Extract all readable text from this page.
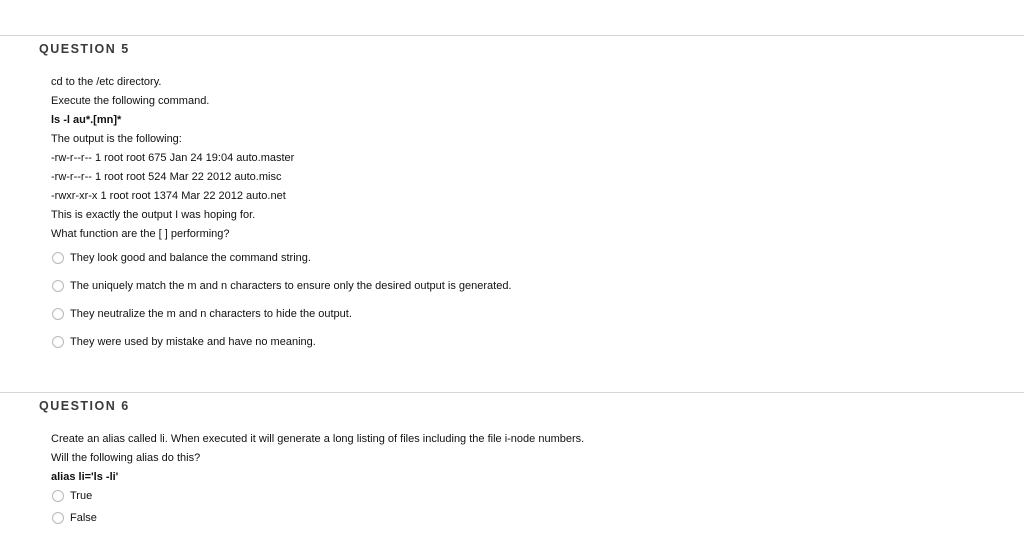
QUESTION 5
cd to the /etc directory.
Execute the following command.
ls -l au*.[mn]*
The output is the following:
-rw-r--r-- 1 root root 675 Jan 24 19:04 auto.master
-rw-r--r-- 1 root root 524 Mar 22 2012 auto.misc
-rwxr-xr-x 1 root root 1374 Mar 22 2012 auto.net
This is exactly the output I was hoping for.
What function are the [ ] performing?
They look good and balance the command string.
The uniquely match the m and n characters to ensure only the desired output is generated.
They neutralize the m and n characters to hide the output.
They were used by mistake and have no meaning.
QUESTION 6
Create an alias called li. When executed it will generate a long listing of files including the file i-node numbers.
Will the following alias do this?
alias li='ls -li'
True
False
